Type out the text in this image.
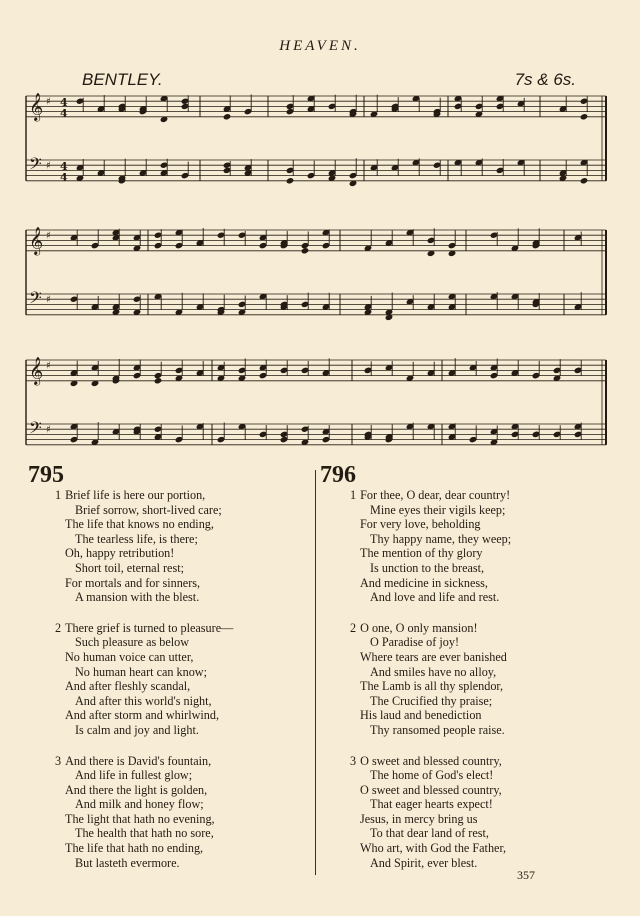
HEAVEN.
BENTLEY.	7s & 6s.
𝄞 ♯
𝄢 ♯
𝄞 ♯
𝄢 ♯
𝄞 ♯
𝄢 ♯
4
4
4
4
795
1 Brief life is here our portion,
Brief sorrow, short-lived care;
The life that knows no ending,
The tearless life, is there;
Oh, happy retribution!
Short toil, eternal rest;
For mortals and for sinners,
A mansion with the blest.
2 There grief is turned to pleasure—
Such pleasure as below
No human voice can utter,
No human heart can know;
And after fleshly scandal,
And after this world's night,
And after storm and whirlwind,
Is calm and joy and light.
3 And there is David's fountain,
And life in fullest glow;
And there the light is golden,
And milk and honey flow;
The light that hath no evening,
The health that hath no sore,
The life that hath no ending,
But lasteth evermore.
796
1 For thee, O dear, dear country!
Mine eyes their vigils keep;
For very love, beholding
Thy happy name, they weep;
The mention of thy glory
Is unction to the breast,
And medicine in sickness,
And love and life and rest.
2 O one, O only mansion!
O Paradise of joy!
Where tears are ever banished
And smiles have no alloy,
The Lamb is all thy splendor,
The Crucified thy praise;
His laud and benediction
Thy ransomed people raise.
3 O sweet and blessed country,
The home of God's elect!
O sweet and blessed country,
That eager hearts expect!
Jesus, in mercy bring us
To that dear land of rest,
Who art, with God the Father,
And Spirit, ever blest.
357
